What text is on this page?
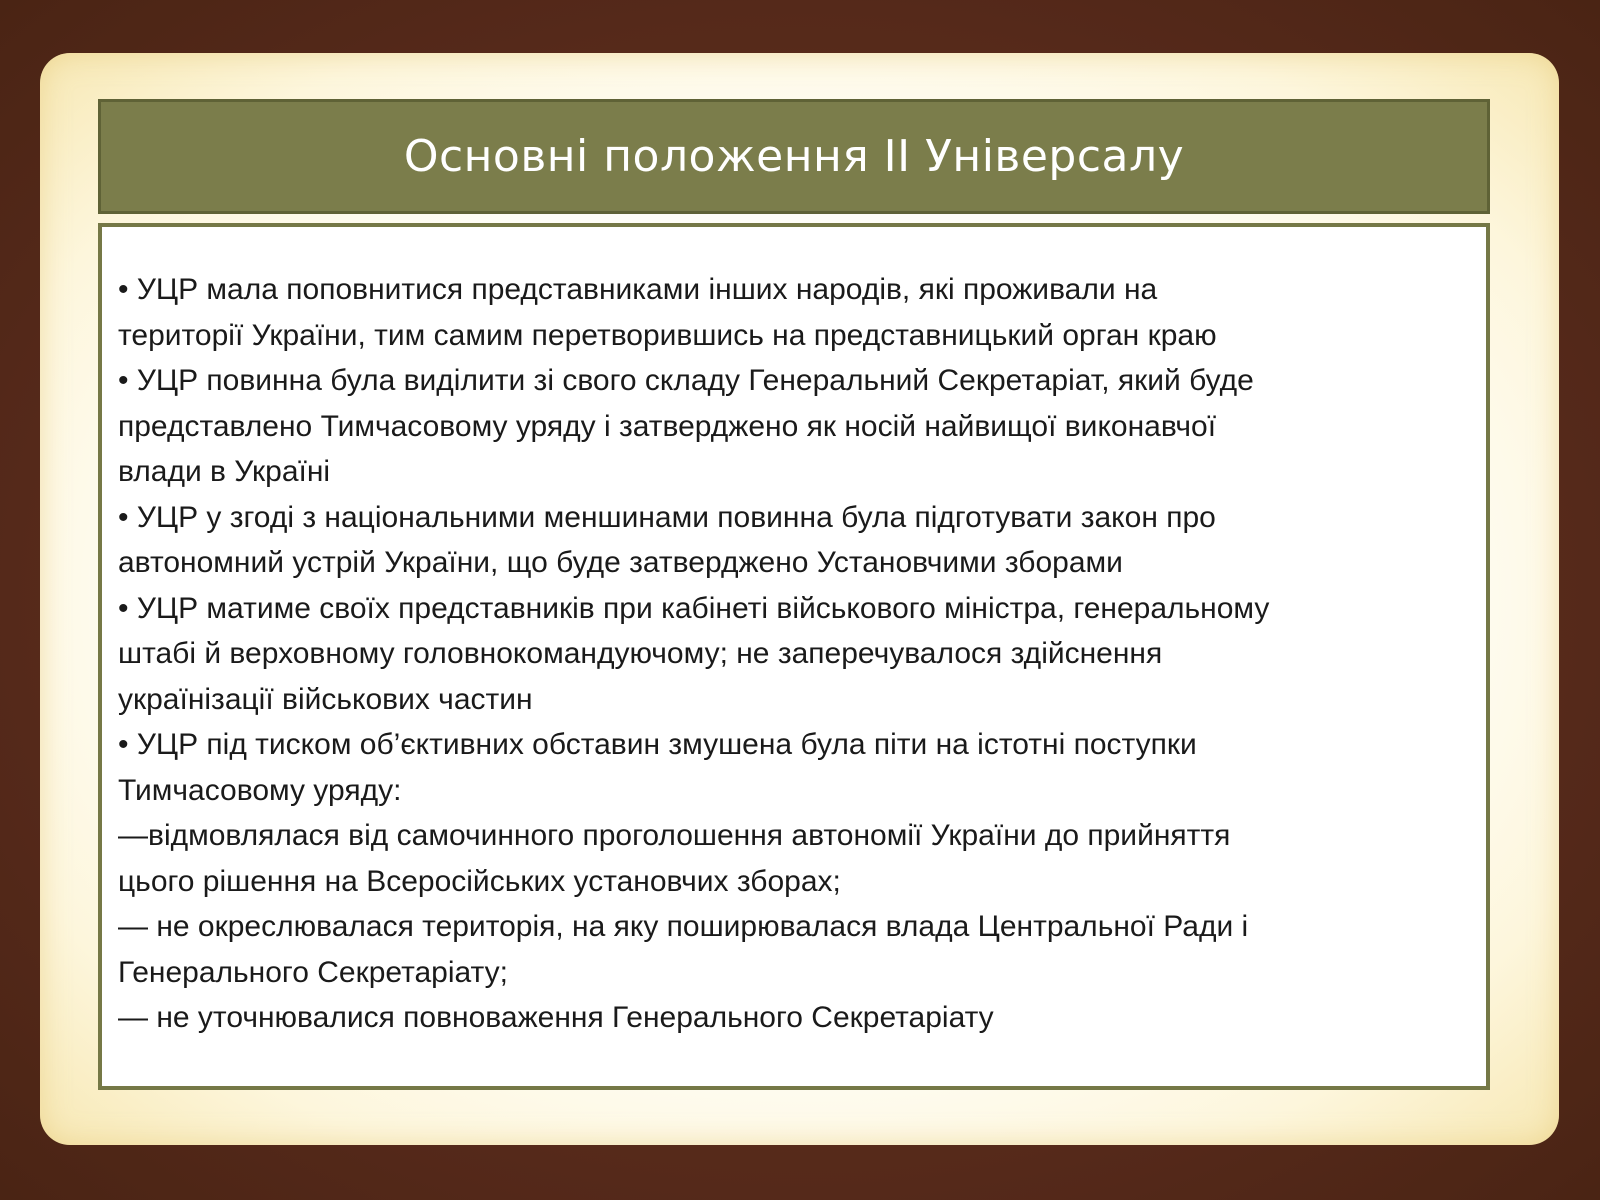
Основні положення ІІ Універсалу

• УЦР мала поповнитися представниками інших народів, які проживали на

території України, тим самим перетворившись на представницький орган краю

• УЦР повинна була виділити зі свого складу Генеральний Секретаріат, який буде

представлено Тимчасовому уряду і затверджено як носій найвищої виконавчої

влади в Україні

• УЦР у згоді з національними меншинами повинна була підготувати закон про

автономний устрій України, що буде затверджено Установчими зборами

• УЦР матиме своїх представників при кабінеті військового міністра, генеральному

штабі й верховному головнокомандуючому; не заперечувалося здійснення

українізації військових частин

• УЦР під тиском об’єктивних обставин змушена була піти на істотні поступки

Тимчасовому уряду:

—відмовлялася від самочинного проголошення автономії України до прийняття

цього рішення на Всеросійських установчих зборах;

— не окреслювалася територія, на яку поширювалася влада Центральної Ради і

Генерального Секретаріату;

— не уточнювалися повноваження Генерального Секретаріату
